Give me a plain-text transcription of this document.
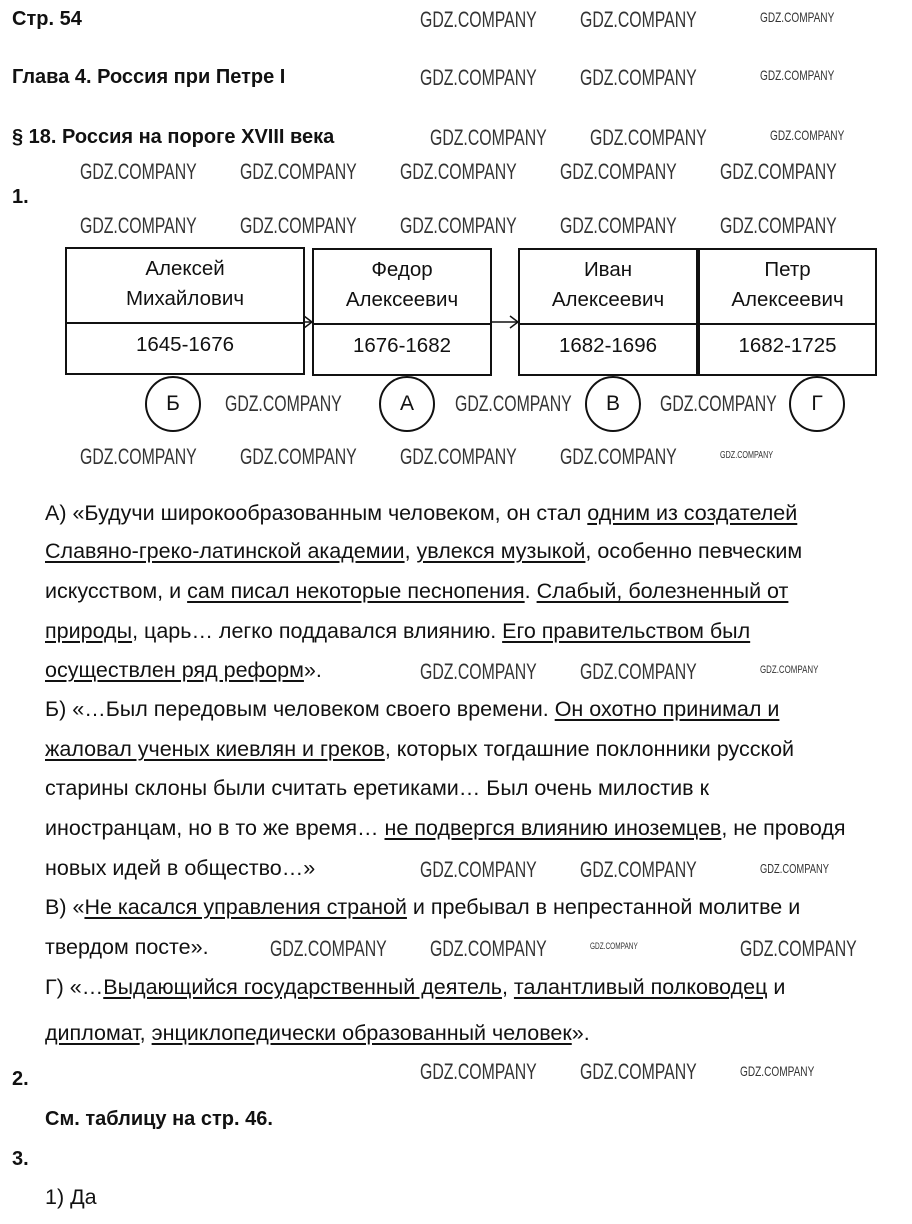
Стр. 54
Глава 4. Россия при Петре I
§ 18. Россия на пороге XVIII века
1.
Алексей
Михайлович
1645-1676
Б
Федор
Алексеевич
1676-1682
А
Иван
Алексеевич
1682-1696
В
Петр
Алексеевич
1682-1725
Г
А) «Будучи широкообразованным человеком, он стал одним из создателей
Славяно-греко-латинской академии, увлекся музыкой, особенно певческим
искусством, и сам писал некоторые песнопения. Слабый, болезненный от
природы, царь… легко поддавался влиянию. Его правительством был
осуществлен ряд реформ».
Б) «…Был передовым человеком своего времени. Он охотно принимал и
жаловал ученых киевлян и греков, которых тогдашние поклонники русской
старины склоны были считать еретиками… Был очень милостив к
иностранцам, но в то же время… не подвергся влиянию иноземцев, не проводя
новых идей в общество…»
В) «Не касался управления страной и пребывал в непрестанной молитве и
твердом посте».
Г) «…Выдающийся государственный деятель, талантливый полководец и
дипломат, энциклопедически образованный человек».
2.
См. таблицу на стр. 46.
3.
1) Да
GDZ.COMPANY GDZ.COMPANY	GDZ.COMPANY
GDZ.COMPANY GDZ.COMPANY	GDZ.COMPANY
GDZ.COMPANY GDZ.COMPANY	GDZ.COMPANY
GDZ.COMPANY GDZ.COMPANY GDZ.COMPANY GDZ.COMPANY GDZ.COMPANY
GDZ.COMPANY GDZ.COMPANY GDZ.COMPANY GDZ.COMPANY GDZ.COMPANY
GDZ.COMPANY	GDZ.COMPANY	GDZ.COMPANY
GDZ.COMPANY GDZ.COMPANY GDZ.COMPANY GDZ.COMPANY	GDZ.COMPANY
GDZ.COMPANY GDZ.COMPANY	GDZ.COMPANY
GDZ.COMPANY GDZ.COMPANY	GDZ.COMPANY
GDZ.COMPANY GDZ.COMPANY	GDZ.COMPANY	GDZ.COMPANY
GDZ.COMPANY GDZ.COMPANY	GDZ.COMPANY
